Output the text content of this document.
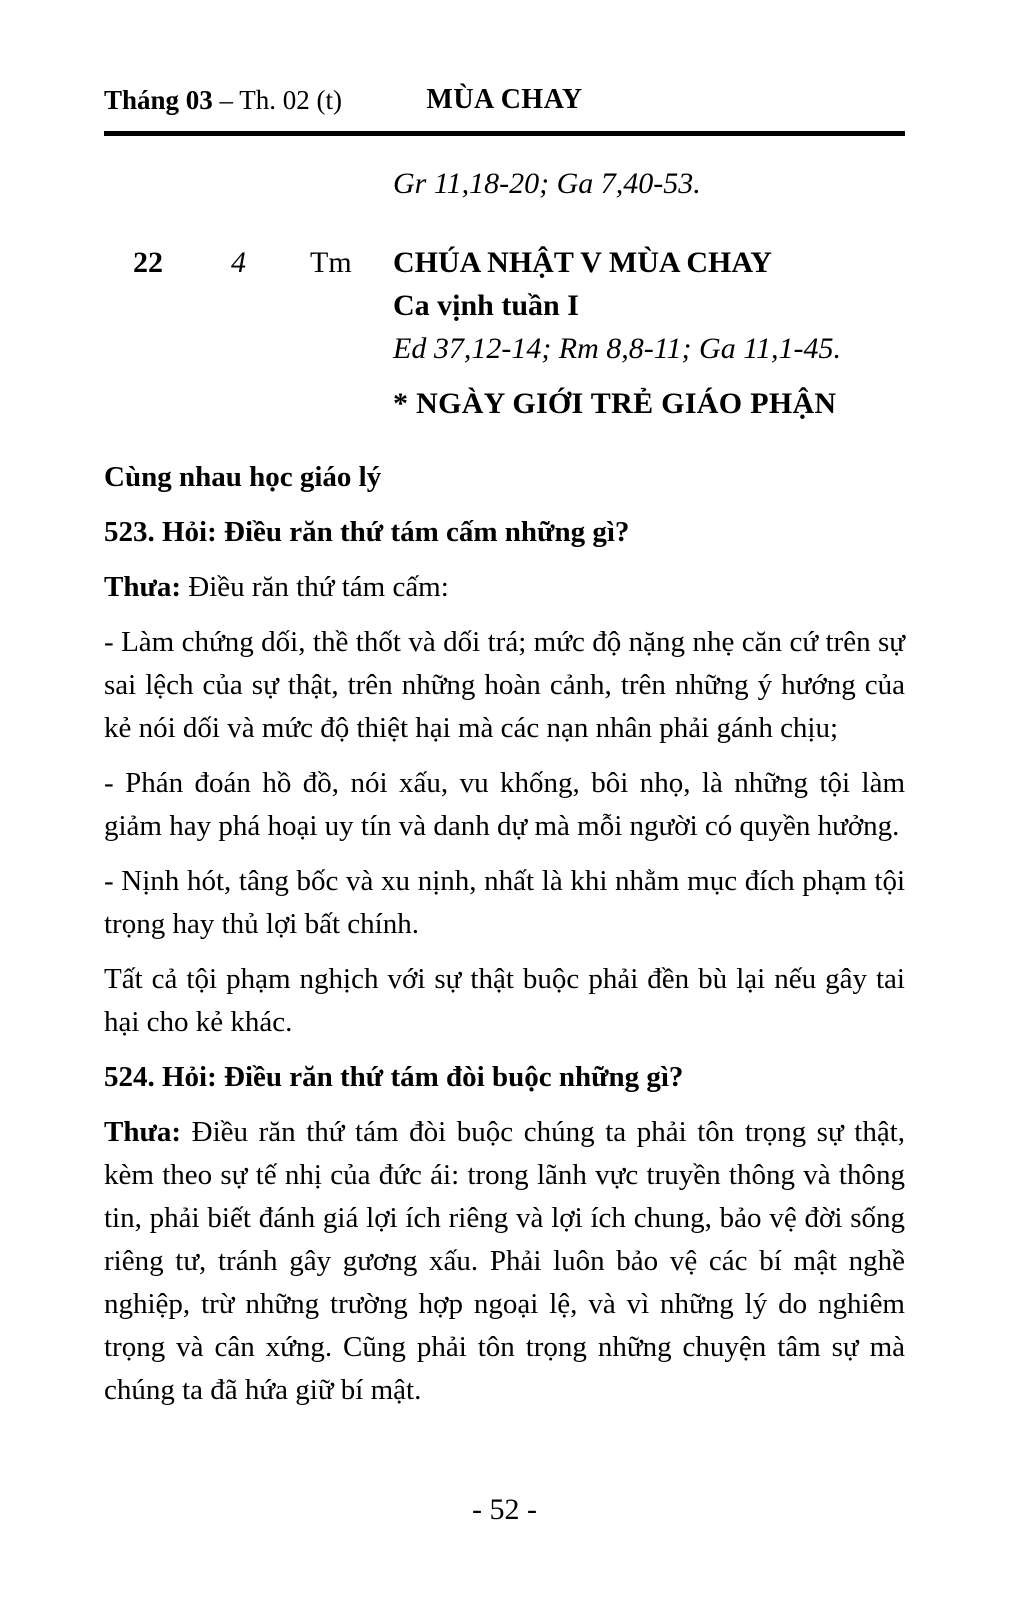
Tháng 03 – Th. 02 (t)	MÙA CHAY
Gr 11,18-20; Ga 7,40-53.
22	4	Tm	CHÚA NHẬT V MÙA CHAY
Ca vịnh tuần I
Ed 37,12-14; Rm 8,8-11; Ga 11,1-45.
* NGÀY GIỚI TRẺ GIÁO PHẬN
Cùng nhau học giáo lý
523. Hỏi: Điều răn thứ tám cấm những gì?

Thưa: Điều răn thứ tám cấm:

- Làm chứng dối, thề thốt và dối trá; mức độ nặng nhẹ căn cứ trên sự sai lệch của sự thật, trên những hoàn cảnh, trên những ý hướng của kẻ nói dối và mức độ thiệt hại mà các nạn nhân phải gánh chịu;

- Phán đoán hồ đồ, nói xấu, vu khống, bôi nhọ, là những tội làm giảm hay phá hoại uy tín và danh dự mà mỗi người có quyền hưởng.

- Nịnh hót, tâng bốc và xu nịnh, nhất là khi nhằm mục đích phạm tội trọng hay thủ lợi bất chính.

Tất cả tội phạm nghịch với sự thật buộc phải đền bù lại nếu gây tai hại cho kẻ khác.

524. Hỏi: Điều răn thứ tám đòi buộc những gì?

Thưa: Điều răn thứ tám đòi buộc chúng ta phải tôn trọng sự thật, kèm theo sự tế nhị của đức ái: trong lãnh vực truyền thông và thông tin, phải biết đánh giá lợi ích riêng và lợi ích chung, bảo vệ đời sống riêng tư, tránh gây gương xấu. Phải luôn bảo vệ các bí mật nghề nghiệp, trừ những trường hợp ngoại lệ, và vì những lý do nghiêm trọng và cân xứng. Cũng phải tôn trọng những chuyện tâm sự mà chúng ta đã hứa giữ bí mật.

- 52 -
